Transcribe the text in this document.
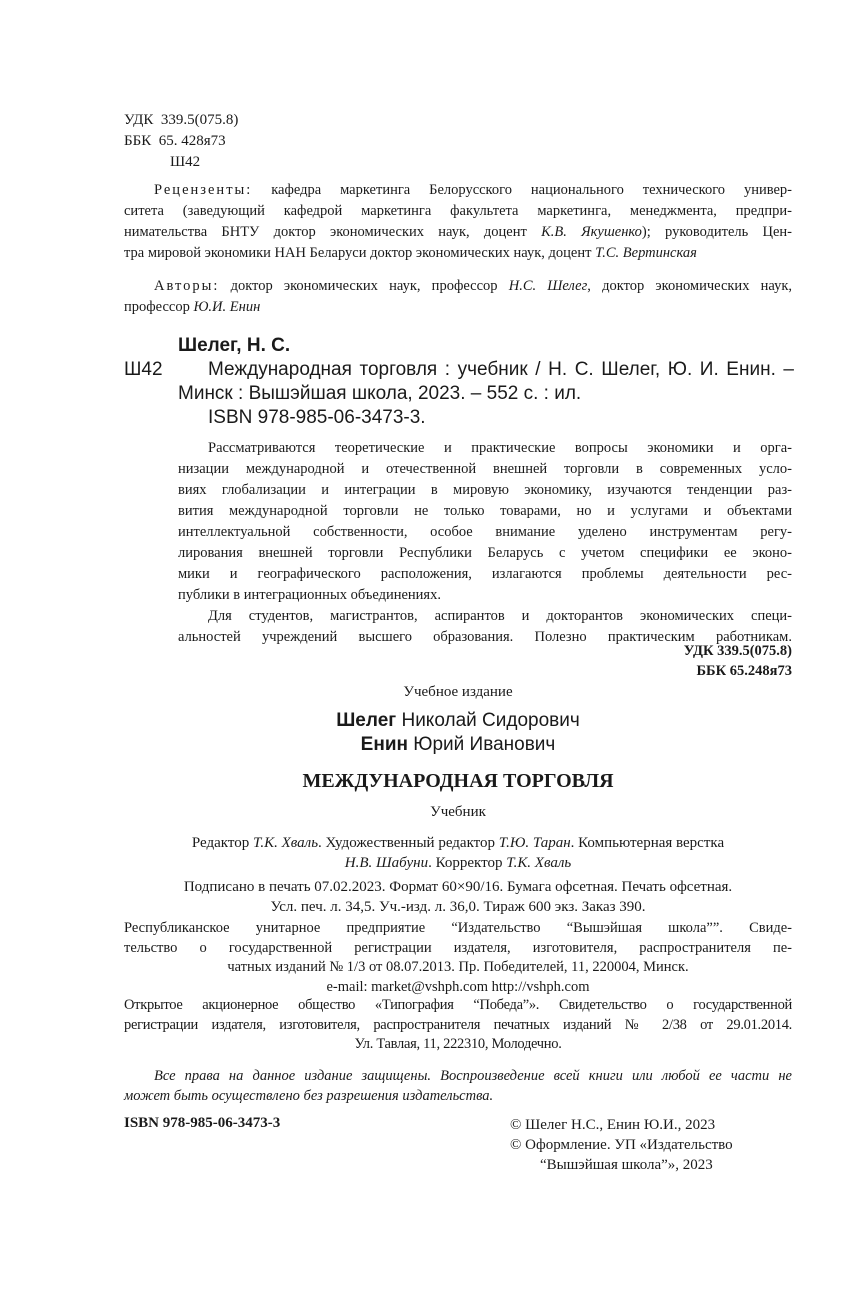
УДК 339.5(075.8)
ББК 65. 428я73
Ш42
Рецензенты: кафедра маркетинга Белорусского национального технического универ-
ситета (заведующий кафедрой маркетинга факультета маркетинга, менеджмента, предпри-
нимательства БНТУ доктор экономических наук, доцент К.В. Якушенко); руководитель Цен-
тра мировой экономики НАН Беларуси доктор экономических наук, доцент Т.С. Вертинская
Авторы: доктор экономических наук, профессор Н.С. Шелег, доктор экономических наук,
профессор Ю.И. Енин
Шелег, Н. С.
Ш42 Международная торговля : учебник / Н. С. Шелег, Ю. И. Енин. –
Минск : Вышэйшая школа, 2023. – 552 с. : ил.
ISBN 978-985-06-3473-3.
Рассматриваются теоретические и практические вопросы экономики и орга-
низации международной и отечественной внешней торговли в современных усло-
виях глобализации и интеграции в мировую экономику, изучаются тенденции раз-
вития международной торговли не только товарами, но и услугами и объектами
интеллектуальной собственности, особое внимание уделено инструментам регу-
лирования внешней торговли Республики Беларусь с учетом специфики ее эконо-
мики и географического расположения, излагаются проблемы деятельности рес-
публики в интеграционных объединениях.
Для студентов, магистрантов, аспирантов и докторантов экономических специ-
альностей учреждений высшего образования. Полезно практическим работникам.
УДК 339.5(075.8)
ББК 65.248я73
Учебное издание
Шелег Николай Сидорович
Енин Юрий Иванович
МЕЖДУНАРОДНАЯ ТОРГОВЛЯ
Учебник
Редактор Т.К. Хваль. Художественный редактор Т.Ю. Таран. Компьютерная верстка
Н.В. Шабуни. Корректор Т.К. Хваль
Подписано в печать 07.02.2023. Формат 60×90/16. Бумага офсетная. Печать офсетная.
Усл. печ. л. 34,5. Уч.-изд. л. 36,0. Тираж 600 экз. Заказ 390.
Республиканское унитарное предприятие “Издательство “Вышэйшая школа””. Свиде-
тельство о государственной регистрации издателя, изготовителя, распространителя пе-
чатных изданий № 1/3 от 08.07.2013. Пр. Победителей, 11, 220004, Минск.
e-mail: market@vshph.com http://vshph.com
Открытое акционерное общество «Типография “Победа”». Свидетельство о государственной
регистрации издателя, изготовителя, распространителя печатных изданий № 2/38 от 29.01.2014.
Ул. Тавлая, 11, 222310, Молодечно.
Все права на данное издание защищены. Воспроизведение всей книги или любой ее части не
может быть осуществлено без разрешения издательства.
ISBN 978-985-06-3473-3	© Шелег Н.С., Енин Ю.И., 2023
© Оформление. УП «Издательство
“Вышэйшая школа”», 2023
